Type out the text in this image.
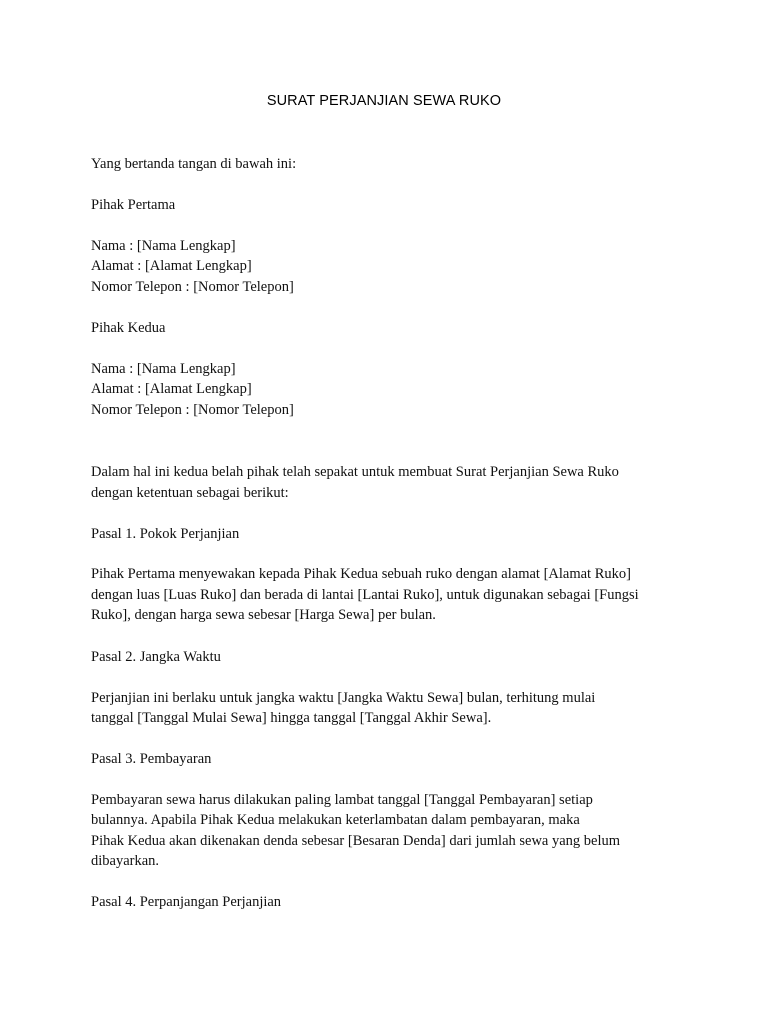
SURAT PERJANJIAN SEWA RUKO
Yang bertanda tangan di bawah ini:
Pihak Pertama
Nama : [Nama Lengkap]
Alamat : [Alamat Lengkap]
Nomor Telepon : [Nomor Telepon]
Pihak Kedua
Nama : [Nama Lengkap]
Alamat : [Alamat Lengkap]
Nomor Telepon : [Nomor Telepon]
Dalam hal ini kedua belah pihak telah sepakat untuk membuat Surat Perjanjian Sewa Ruko
dengan ketentuan sebagai berikut:
Pasal 1. Pokok Perjanjian
Pihak Pertama menyewakan kepada Pihak Kedua sebuah ruko dengan alamat [Alamat Ruko]
dengan luas [Luas Ruko] dan berada di lantai [Lantai Ruko], untuk digunakan sebagai [Fungsi
Ruko], dengan harga sewa sebesar [Harga Sewa] per bulan.
Pasal 2. Jangka Waktu
Perjanjian ini berlaku untuk jangka waktu [Jangka Waktu Sewa] bulan, terhitung mulai
tanggal [Tanggal Mulai Sewa] hingga tanggal [Tanggal Akhir Sewa].
Pasal 3. Pembayaran
Pembayaran sewa harus dilakukan paling lambat tanggal [Tanggal Pembayaran] setiap
bulannya. Apabila Pihak Kedua melakukan keterlambatan dalam pembayaran, maka
Pihak Kedua akan dikenakan denda sebesar [Besaran Denda] dari jumlah sewa yang belum
dibayarkan.
Pasal 4. Perpanjangan Perjanjian
